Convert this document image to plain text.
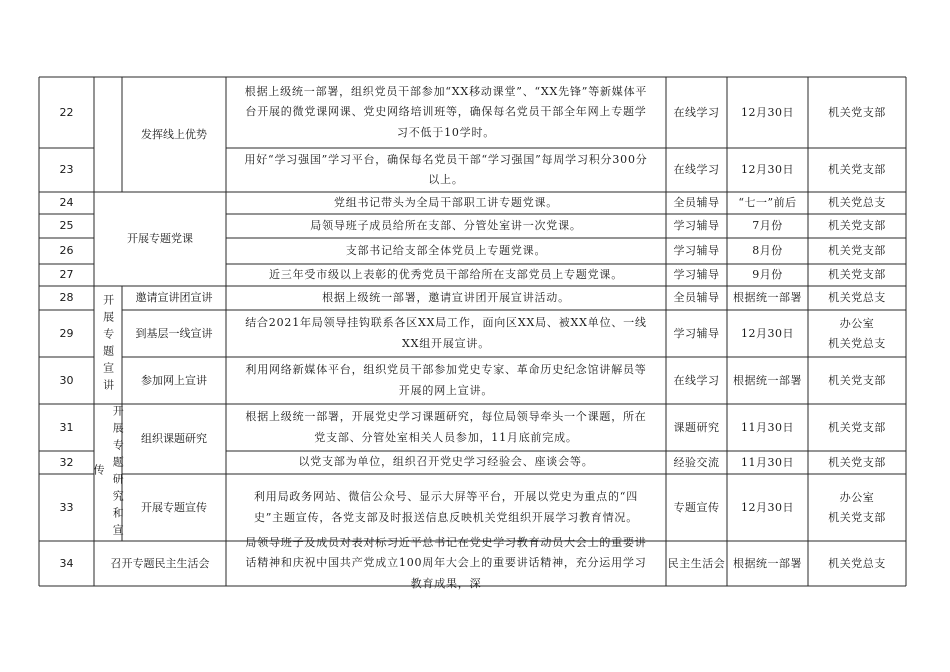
22
23
24
25
26
27
28
29
30
31
32
33
34
发挥线上优势
开展专题党课
开展专题宣讲	邀请宣讲团宣讲
到基层一线宣讲
参加网上宣讲
开展专题研究和宣传
组织课题研究
开展专题宣传
召开专题民主生活会
根据上级统一部署，组织党员干部参加“XX移动课堂”、“XX先锋”等新媒体平台开展的微党课网课、党史网络培训班等，确保每名党员干部全年网上专题学习不低于10学时。
用好“学习强国”学习平台，确保每名党员干部“学习强国”每周学习积分300分以上。
党组书记带头为全局干部职工讲专题党课。
局领导班子成员给所在支部、分管处室讲一次党课。
支部书记给支部全体党员上专题党课。
近三年受市级以上表彰的优秀党员干部给所在支部党员上专题党课。
根据上级统一部署，邀请宣讲团开展宣讲活动。
结合2021年局领导挂钩联系各区XX局工作，面向区XX局、被XX单位、一线XX组开展宣讲。
利用网络新媒体平台，组织党员干部参加党史专家、革命历史纪念馆讲解员等开展的网上宣讲。
根据上级统一部署，开展党史学习课题研究，每位局领导牵头一个课题，所在党支部、分管处室相关人员参加，11月底前完成。
以党支部为单位，组织召开党史学习经验会、座谈会等。
利用局政务网站、微信公众号、显示大屏等平台，开展以党史为重点的“四史”主题宣传，各党支部及时报送信息反映机关党组织开展学习教育情况。
局领导班子及成员对表对标习近平总书记在党史学习教育动员大会上的重要讲话精神和庆祝中国共产党成立100周年大会上的重要讲话精神，充分运用学习教育成果，深
在线学习
在线学习
全员辅导
学习辅导
学习辅导
学习辅导
全员辅导
学习辅导
在线学习
课题研究
经验交流
专题宣传
民主生活会
12月30日
12月30日
“七一”前后
7月份
8月份
9月份
根据统一部署
12月30日
根据统一部署
11月30日
11月30日
12月30日
根据统一部署
机关党支部
机关党支部
机关党总支
机关党支部
机关党支部
机关党支部
机关党总支
办公室
机关党总支
机关党支部
机关党支部
机关党支部
办公室
机关党支部
机关党总支
